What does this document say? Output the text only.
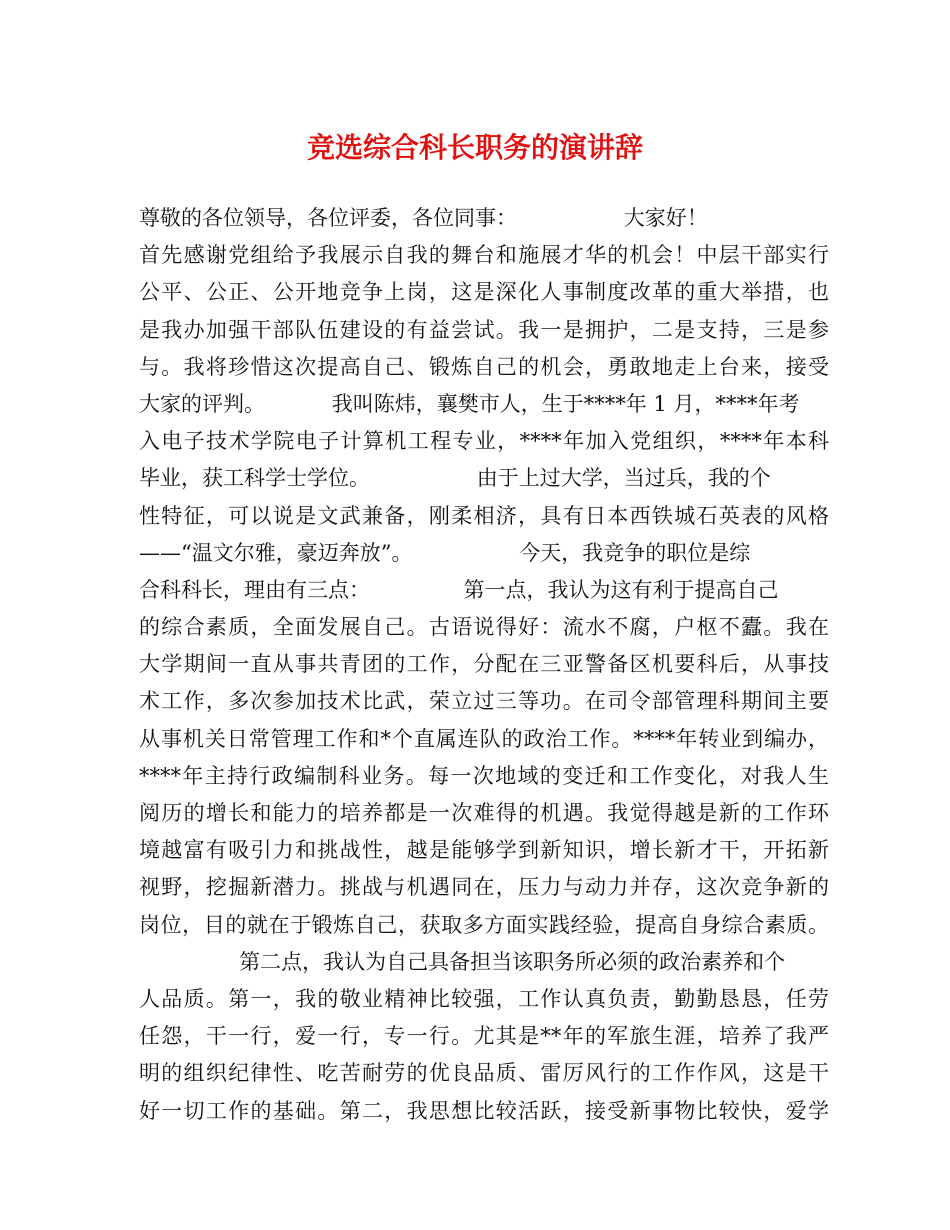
竞选综合科长职务的演讲辞
尊敬的各位领导，各位评委，各位同事：                大家好！
首先感谢党组给予我展示自我的舞台和施展才华的机会！中层干部实行
公平、公正、公开地竞争上岗，这是深化人事制度改革的重大举措，也
是我办加强干部队伍建设的有益尝试。我一是拥护，二是支持，三是参
与。我将珍惜这次提高自己、锻炼自己的机会，勇敢地走上台来，接受
大家的评判。          我叫陈炜，襄樊市人，生于****年 1 月，****年考
入电子技术学院电子计算机工程专业，****年加入党组织，****年本科
毕业，获工科学士学位。                由于上过大学，当过兵，我的个
性特征，可以说是文武兼备，刚柔相济，具有日本西铁城石英表的风格
——“温文尔雅，豪迈奔放”。                今天，我竞争的职位是综
合科科长，理由有三点：              第一点，我认为这有利于提高自己
的综合素质，全面发展自己。古语说得好：流水不腐，户枢不蠹。我在
大学期间一直从事共青团的工作，分配在三亚警备区机要科后，从事技
术工作，多次参加技术比武，荣立过三等功。在司令部管理科期间主要
从事机关日常管理工作和*个直属连队的政治工作。****年转业到编办，
****年主持行政编制科业务。每一次地域的变迁和工作变化，对我人生
阅历的增长和能力的培养都是一次难得的机遇。我觉得越是新的工作环
境越富有吸引力和挑战性，越是能够学到新知识，增长新才干，开拓新
视野，挖掘新潜力。挑战与机遇同在，压力与动力并存，这次竞争新的
岗位，目的就在于锻炼自己，获取多方面实践经验，提高自身综合素质。
第二点，我认为自己具备担当该职务所必须的政治素养和个
人品质。第一，我的敬业精神比较强，工作认真负责，勤勤恳恳，任劳
任怨，干一行，爱一行，专一行。尤其是**年的军旅生涯，培养了我严
明的组织纪律性、吃苦耐劳的优良品质、雷厉风行的工作作风，这是干
好一切工作的基础。第二，我思想比较活跃，接受新事物比较快，爱学
